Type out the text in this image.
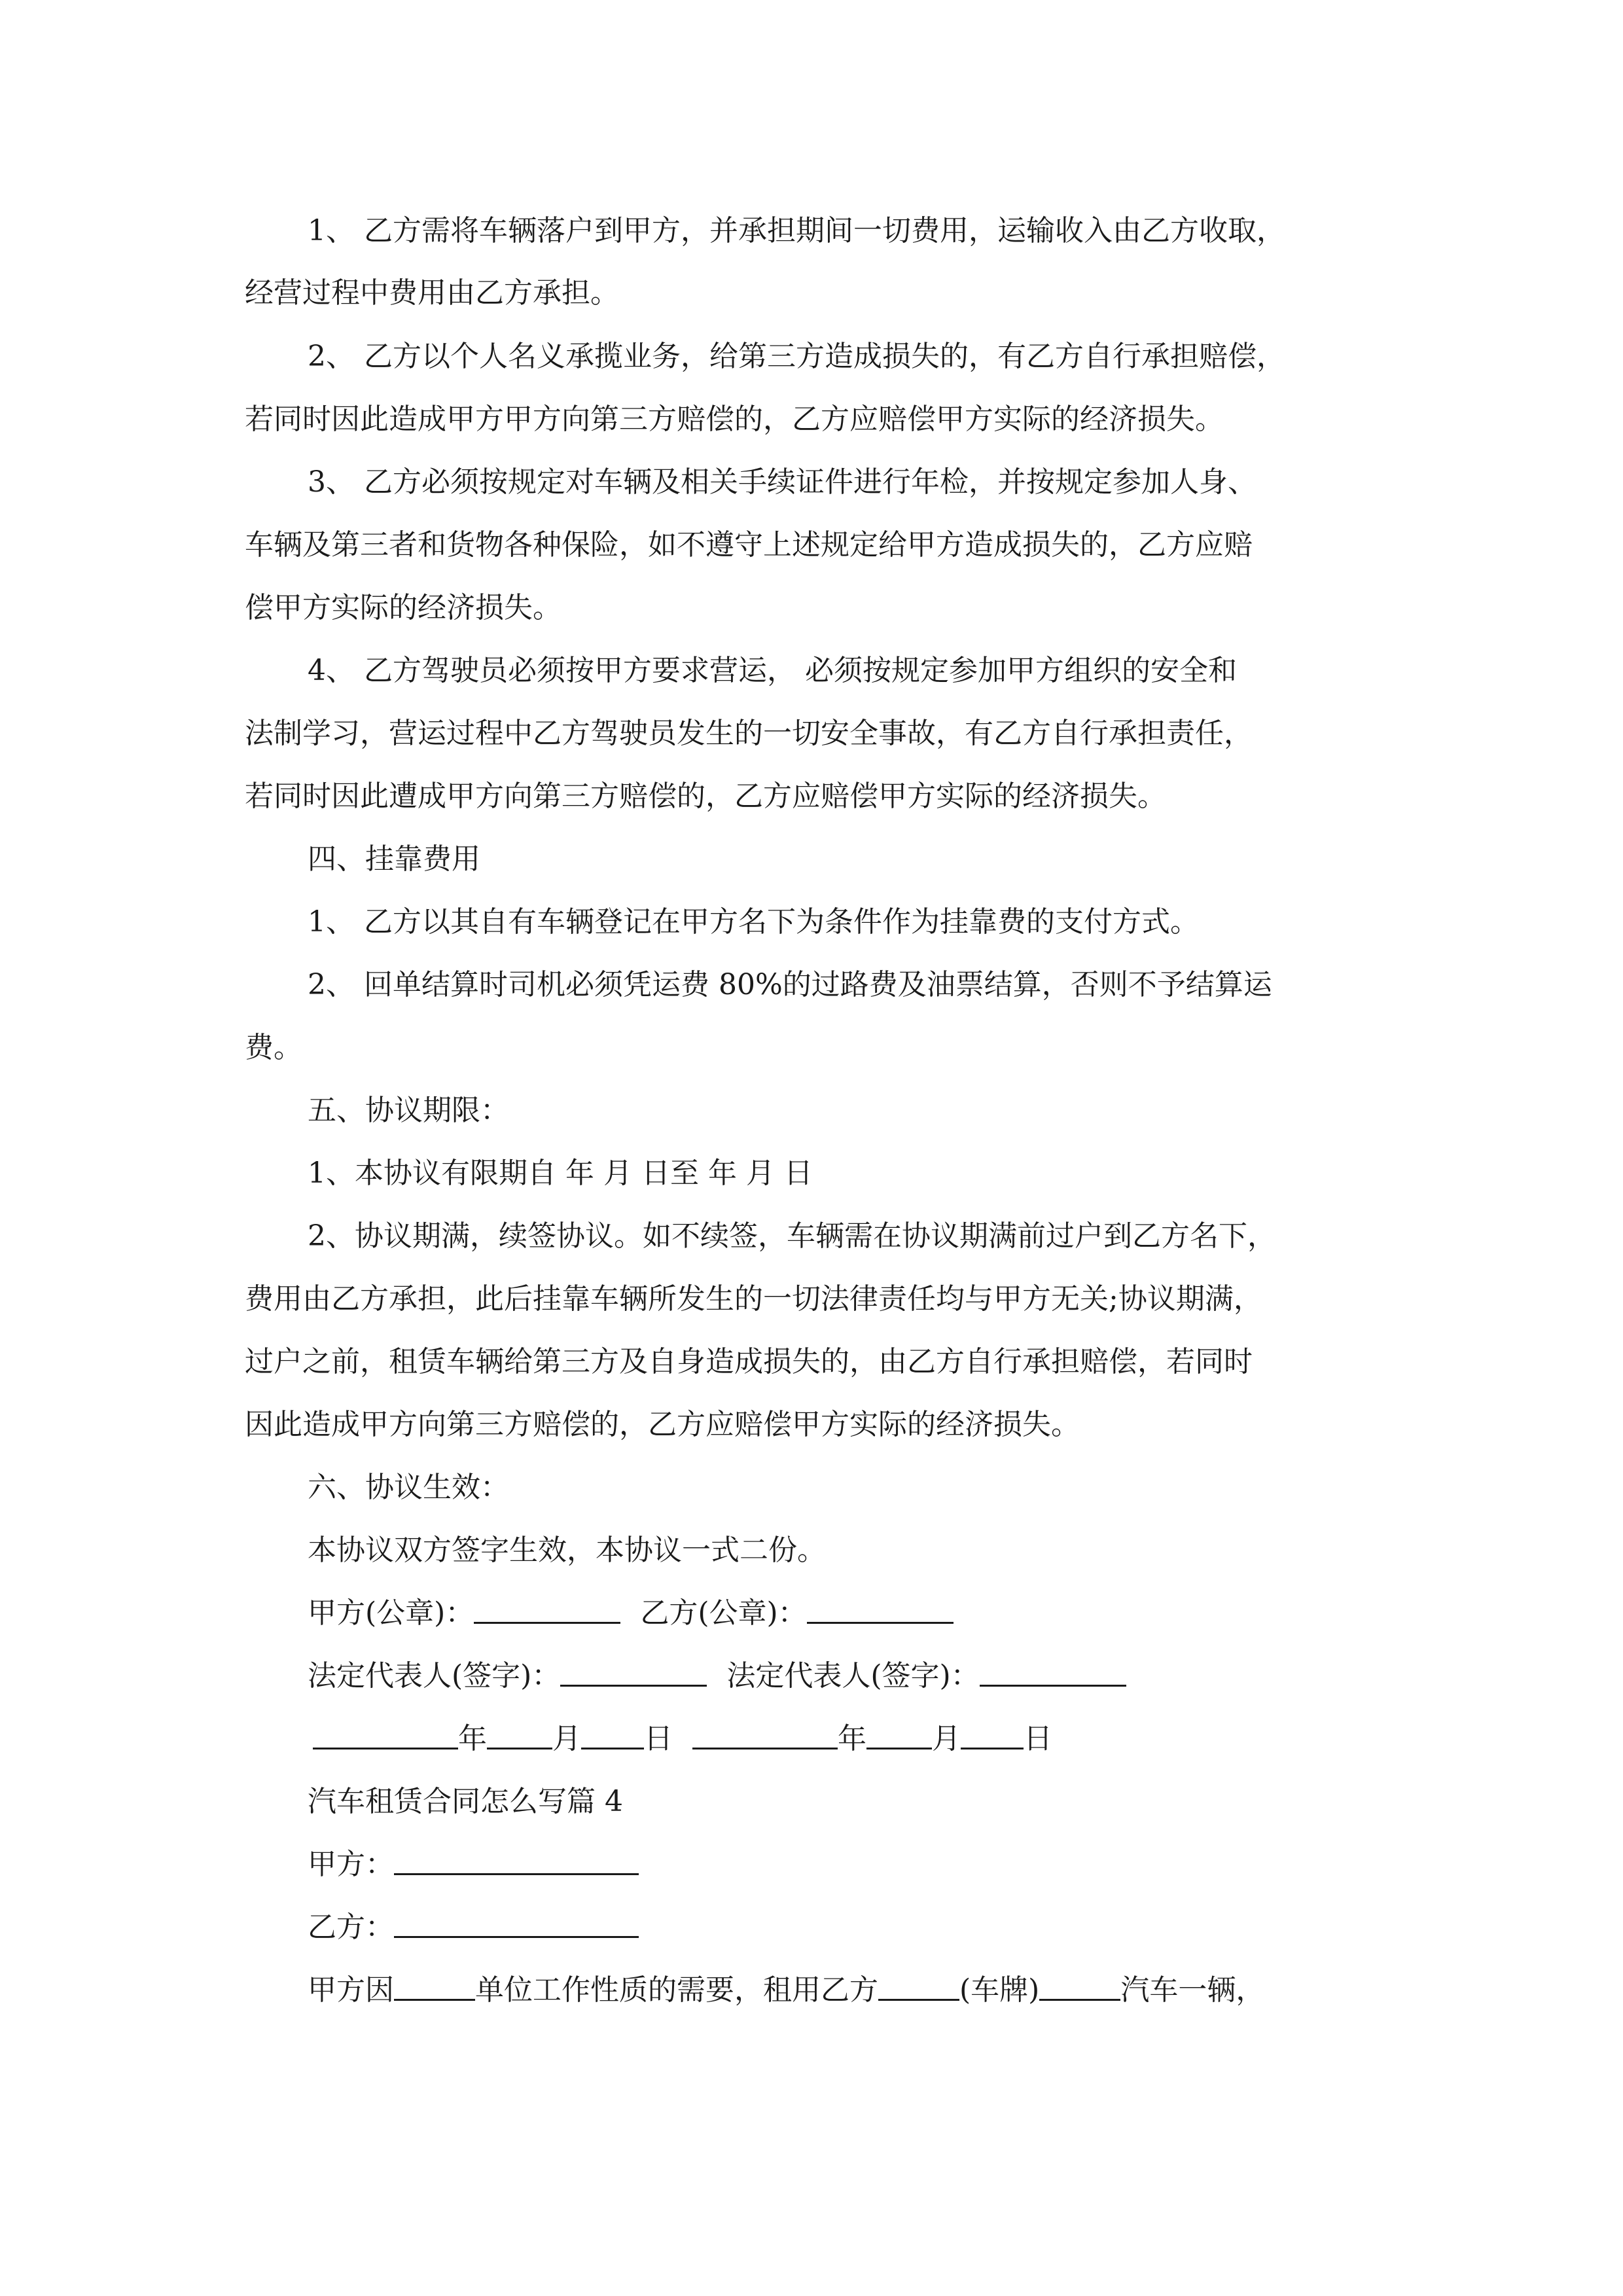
1、 乙方需将车辆落户到甲方，并承担期间一切费用，运输收入由乙方收取，
经营过程中费用由乙方承担。
2、 乙方以个人名义承揽业务，给第三方造成损失的，有乙方自行承担赔偿，
若同时因此造成甲方甲方向第三方赔偿的，乙方应赔偿甲方实际的经济损失。
3、 乙方必须按规定对车辆及相关手续证件进行年检，并按规定参加人身、
车辆及第三者和货物各种保险，如不遵守上述规定给甲方造成损失的，乙方应赔
偿甲方实际的经济损失。
4、 乙方驾驶员必须按甲方要求营运， 必须按规定参加甲方组织的安全和
法制学习，营运过程中乙方驾驶员发生的一切安全事故，有乙方自行承担责任，
若同时因此遭成甲方向第三方赔偿的，乙方应赔偿甲方实际的经济损失。
四、挂靠费用
1、 乙方以其自有车辆登记在甲方名下为条件作为挂靠费的支付方式。
2、 回单结算时司机必须凭运费 80%的过路费及油票结算，否则不予结算运
费。
五、协议期限：
1、本协议有限期自 年 月 日至 年 月 日
2、协议期满，续签协议。如不续签，车辆需在协议期满前过户到乙方名下，
费用由乙方承担，此后挂靠车辆所发生的一切法律责任均与甲方无关;协议期满，
过户之前，租赁车辆给第三方及自身造成损失的，由乙方自行承担赔偿，若同时
因此造成甲方向第三方赔偿的，乙方应赔偿甲方实际的经济损失。
六、协议生效：
本协议双方签字生效，本协议一式二份。
甲方(公章)：	乙方(公章)：
法定代表人(签字)：	法定代表人(签字)：
年 月 日	年 月 日
汽车租赁合同怎么写篇 4
甲方：
乙方：
甲方因	单位工作性质的需要，租用乙方	(车牌)	汽车一辆，
